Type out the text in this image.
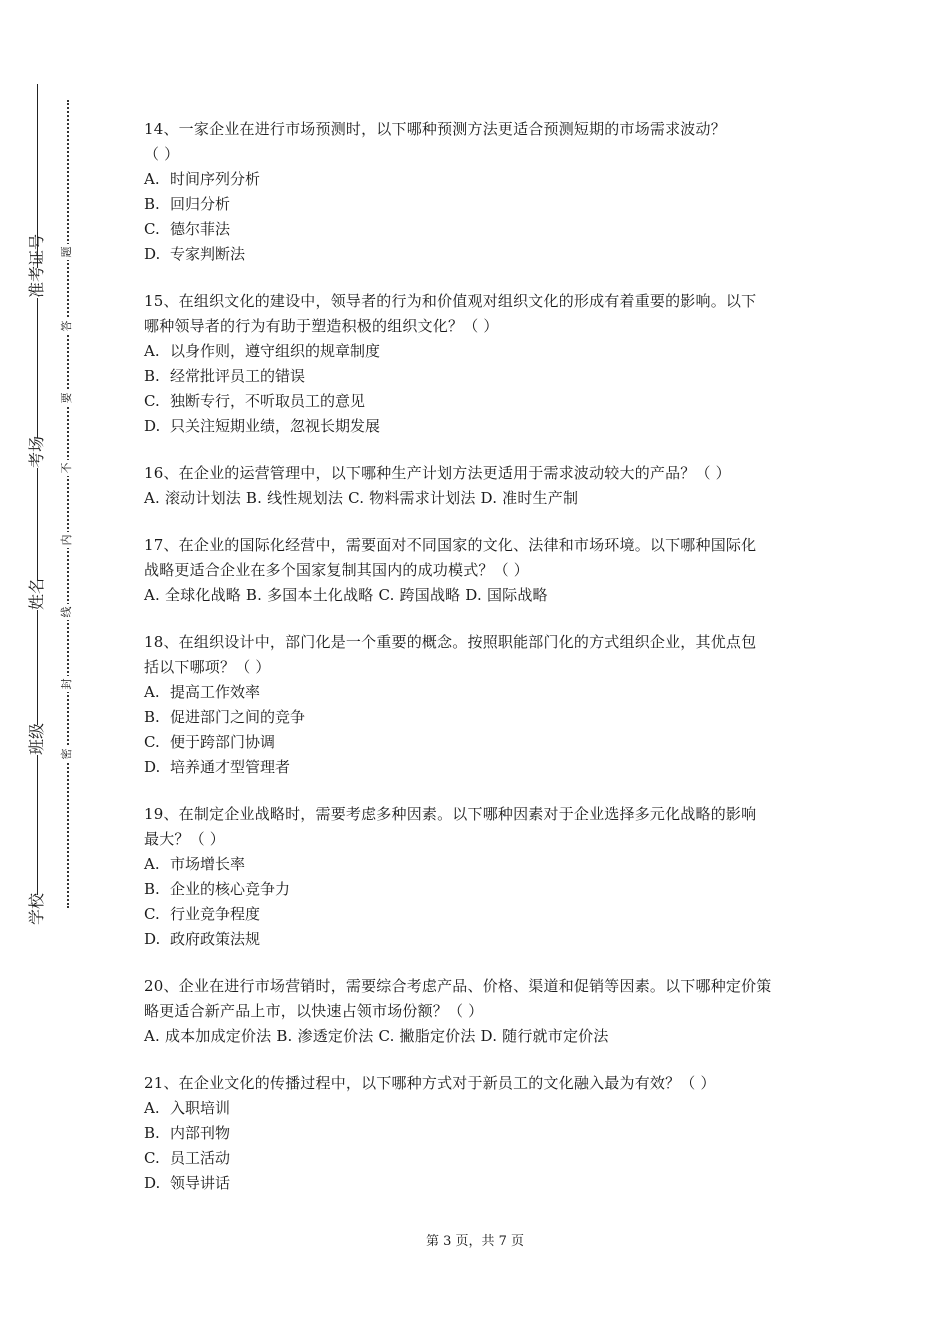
准考证号
考场
姓名
班级
学校
题
答
要
不
内
线
封
密
14、一家企业在进行市场预测时，以下哪种预测方法更适合预测短期的市场需求波动？
（ ）
A. 时间序列分析
B. 回归分析
C. 德尔菲法
D. 专家判断法
15、在组织文化的建设中，领导者的行为和价值观对组织文化的形成有着重要的影响。以下
哪种领导者的行为有助于塑造积极的组织文化？（ ）
A. 以身作则，遵守组织的规章制度
B. 经常批评员工的错误
C. 独断专行，不听取员工的意见
D. 只关注短期业绩，忽视长期发展
16、在企业的运营管理中，以下哪种生产计划方法更适用于需求波动较大的产品？（ ）
A. 滚动计划法 B. 线性规划法 C. 物料需求计划法 D. 准时生产制
17、在企业的国际化经营中，需要面对不同国家的文化、法律和市场环境。以下哪种国际化
战略更适合企业在多个国家复制其国内的成功模式？（ ）
A. 全球化战略 B. 多国本土化战略 C. 跨国战略 D. 国际战略
18、在组织设计中，部门化是一个重要的概念。按照职能部门化的方式组织企业，其优点包
括以下哪项？（ ）
A. 提高工作效率
B. 促进部门之间的竞争
C. 便于跨部门协调
D. 培养通才型管理者
19、在制定企业战略时，需要考虑多种因素。以下哪种因素对于企业选择多元化战略的影响
最大？（ ）
A. 市场增长率
B. 企业的核心竞争力
C. 行业竞争程度
D. 政府政策法规
20、企业在进行市场营销时，需要综合考虑产品、价格、渠道和促销等因素。以下哪种定价策
略更适合新产品上市，以快速占领市场份额？（ ）
A. 成本加成定价法 B. 渗透定价法 C. 撇脂定价法 D. 随行就市定价法
21、在企业文化的传播过程中，以下哪种方式对于新员工的文化融入最为有效？（ ）
A. 入职培训
B. 内部刊物
C. 员工活动
D. 领导讲话
第 3 页，共 7 页
